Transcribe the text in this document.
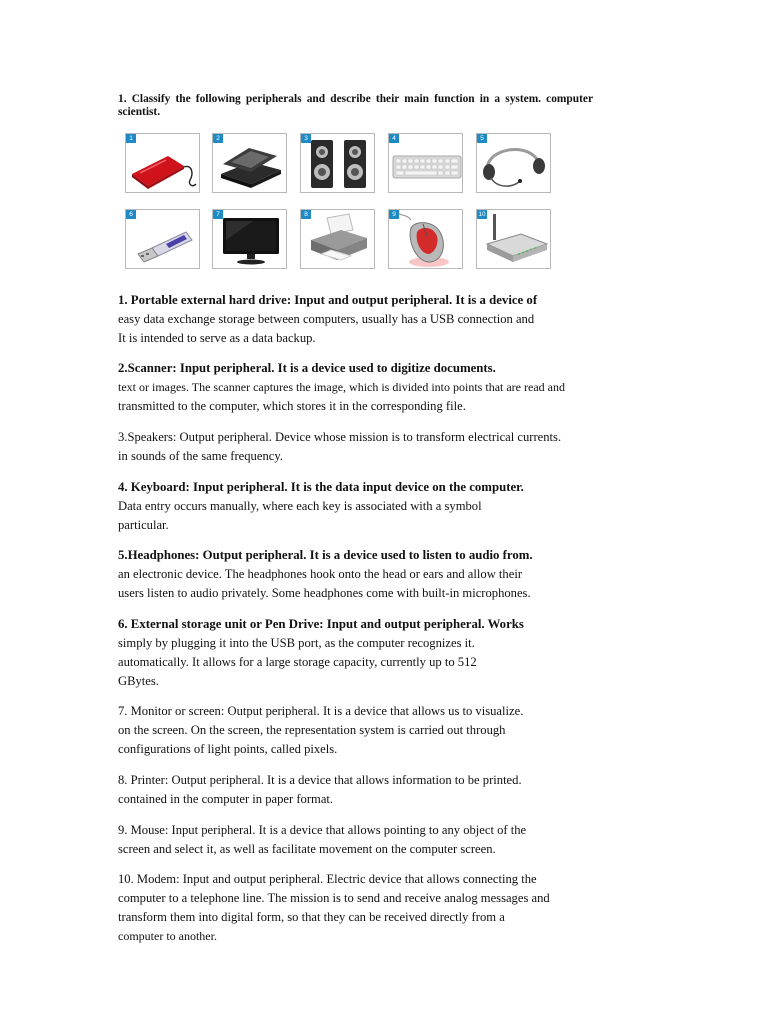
1. Classify the following peripherals and describe their main function in a system. computer scientist.
1	2	3	4	5
6	7	8	9	10
1. Portable external hard drive: Input and output peripheral. It is a device of
easy data exchange storage between computers, usually has a USB connection and
It is intended to serve as a data backup.
2.Scanner: Input peripheral. It is a device used to digitize documents.
text or images. The scanner captures the image, which is divided into points that are read and
transmitted to the computer, which stores it in the corresponding file.
3.Speakers: Output peripheral. Device whose mission is to transform electrical currents.
in sounds of the same frequency.
4. Keyboard: Input peripheral. It is the data input device on the computer.
Data entry occurs manually, where each key is associated with a symbol
particular.
5.Headphones: Output peripheral. It is a device used to listen to audio from.
an electronic device. The headphones hook onto the head or ears and allow their
users listen to audio privately. Some headphones come with built-in microphones.
6. External storage unit or Pen Drive: Input and output peripheral. Works
simply by plugging it into the USB port, as the computer recognizes it.
automatically. It allows for a large storage capacity, currently up to 512
GBytes.
7. Monitor or screen: Output peripheral. It is a device that allows us to visualize.
on the screen. On the screen, the representation system is carried out through
configurations of light points, called pixels.
8. Printer: Output peripheral. It is a device that allows information to be printed.
contained in the computer in paper format.
9. Mouse: Input peripheral. It is a device that allows pointing to any object of the
screen and select it, as well as facilitate movement on the computer screen.
10. Modem: Input and output peripheral. Electric device that allows connecting the
computer to a telephone line. The mission is to send and receive analog messages and
transform them into digital form, so that they can be received directly from a
computer to another.
